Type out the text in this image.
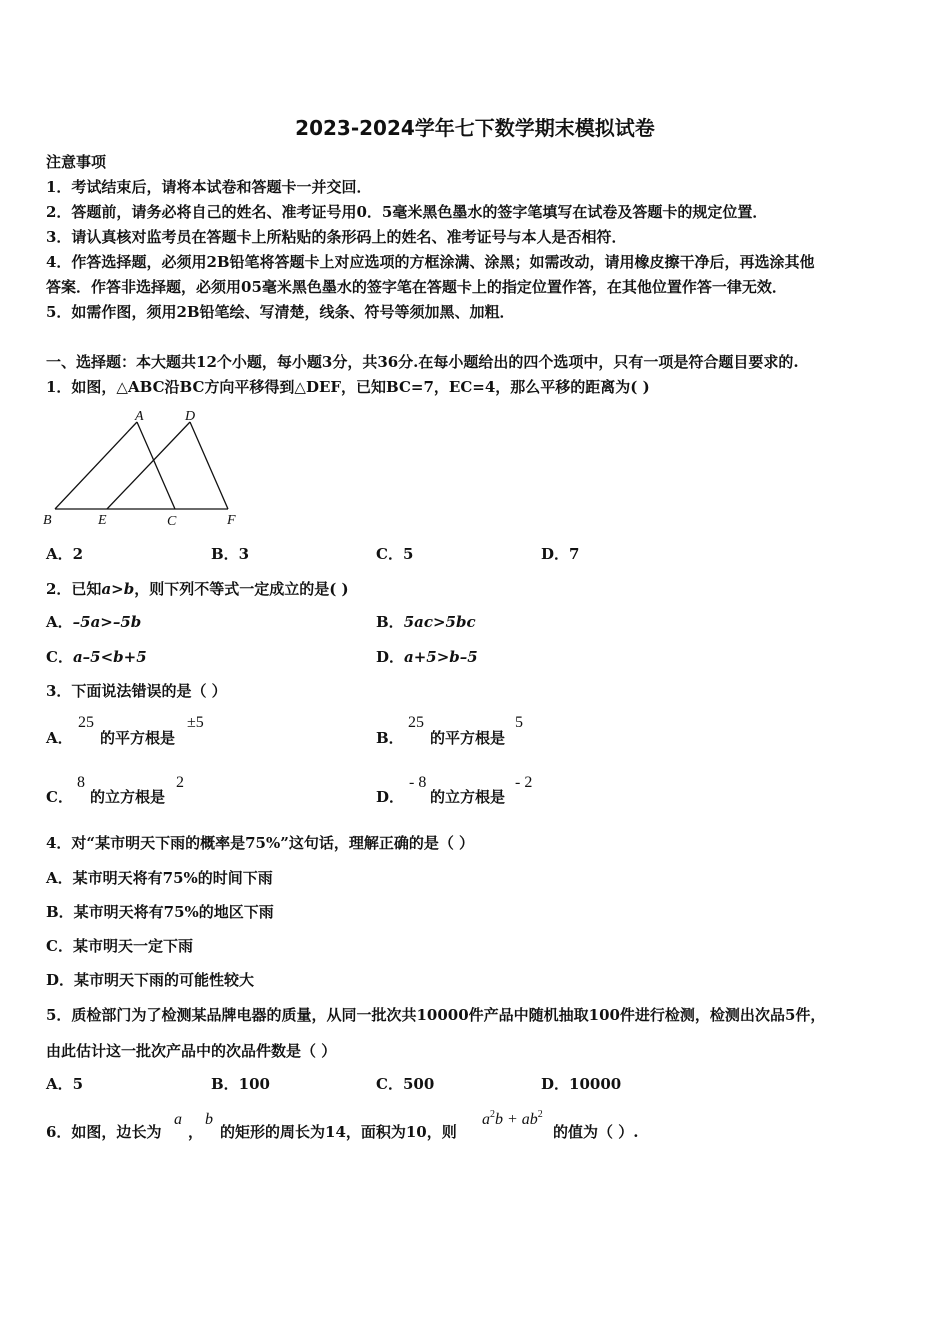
2023-2024学年七下数学期末模拟试卷
注意事项
1．考试结束后，请将本试卷和答题卡一并交回．
2．答题前，请务必将自己的姓名、准考证号用0．5毫米黑色墨水的签字笔填写在试卷及答题卡的规定位置．
3．请认真核对监考员在答题卡上所粘贴的条形码上的姓名、准考证号与本人是否相符．
4．作答选择题，必须用2B铅笔将答题卡上对应选项的方框涂满、涂黑；如需改动，请用橡皮擦干净后，再选涂其他
答案．作答非选择题，必须用05毫米黑色墨水的签字笔在答题卡上的指定位置作答，在其他位置作答一律无效．
5．如需作图，须用2B铅笔绘、写清楚，线条、符号等须加黑、加粗．
一、选择题：本大题共12个小题，每小题3分，共36分.在每小题给出的四个选项中，只有一项是符合题目要求的.
1．如图，△ABC沿BC方向平移得到△DEF，已知BC=7，EC=4，那么平移的距离为( )
A	D
B	E	C	F
A．2	B．3	C．5	D．7
2．已知a>b，则下列不等式一定成立的是( )
A．–5a>–5b	B．5ac>5bc
C．a–5<b+5	D．a+5>b–5
3．下面说法错误的是（ ）
A．
25
的平方根是
±5
B．
25
的平方根是
5
C．
8
的立方根是
2
D．
- 8
的立方根是
- 2
4．对“某市明天下雨的概率是75%”这句话，理解正确的是（ ）
A．某市明天将有75%的时间下雨
B．某市明天将有75%的地区下雨
C．某市明天一定下雨
D．某市明天下雨的可能性较大
5．质检部门为了检测某品牌电器的质量，从同一批次共10000件产品中随机抽取100件进行检测，检测出次品5件，
由此估计这一批次产品中的次品件数是（ ）
A．5	B．100	C．500	D．10000
6．如图，边长为
a
，
b
的矩形的周长为14，面积为10，则
$a^2b + ab^2$
的值为（ ）.
